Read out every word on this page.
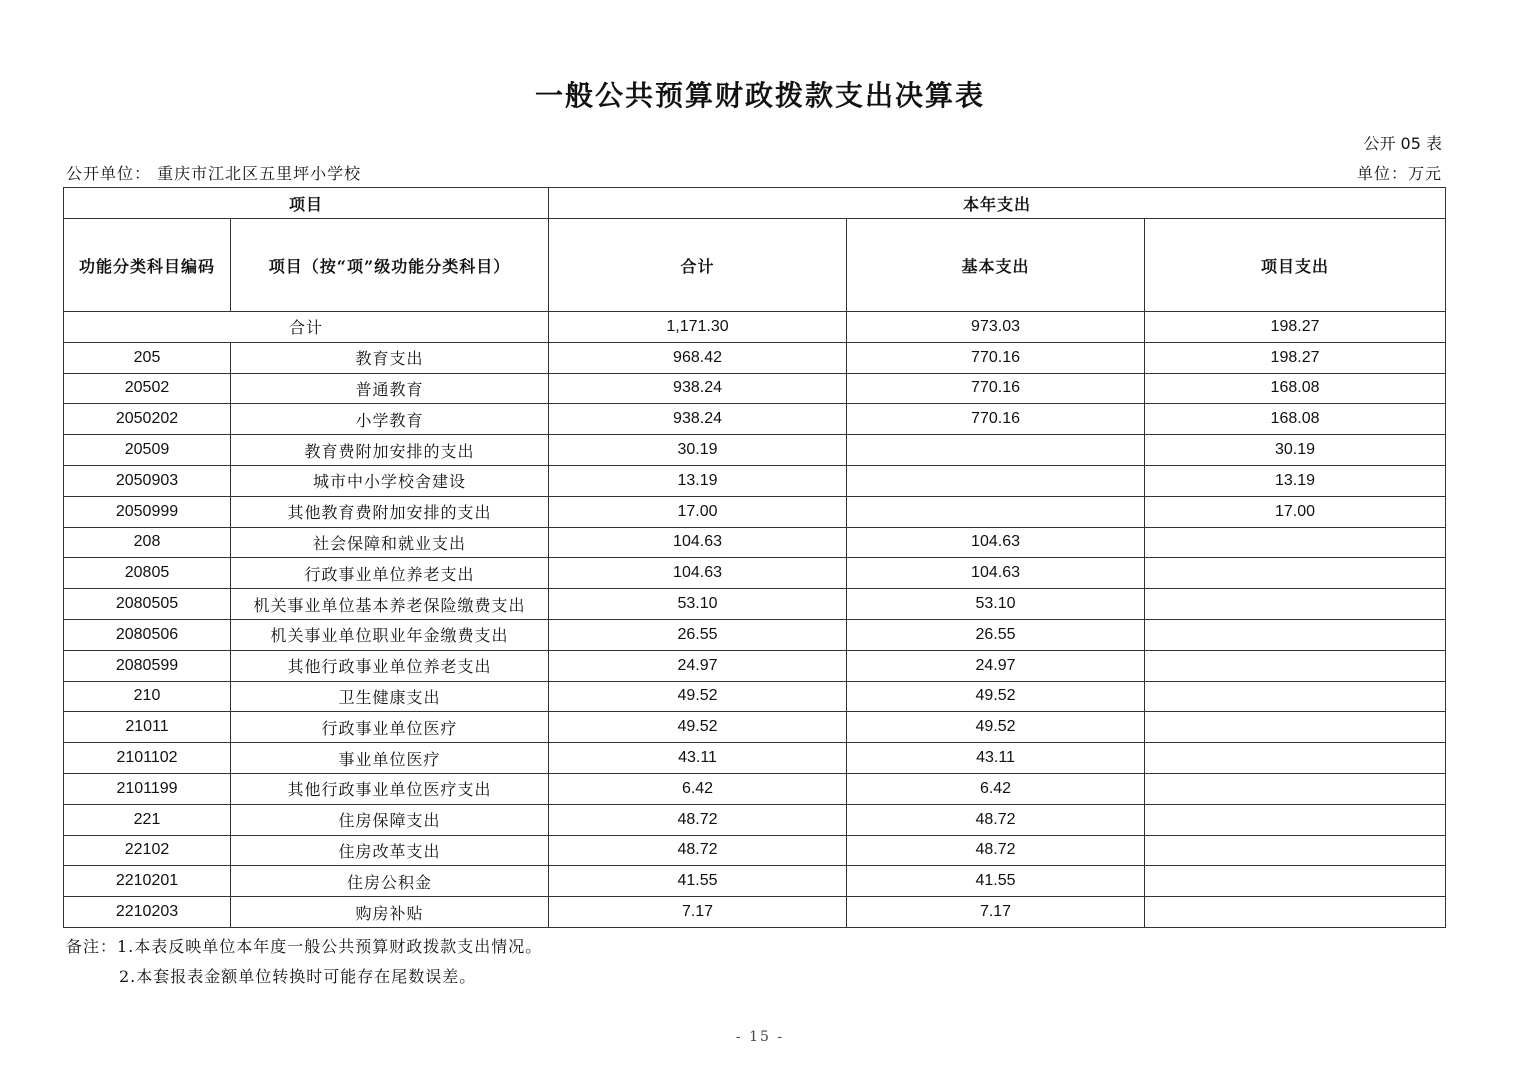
一般公共预算财政拨款支出决算表
公开 05 表
公开单位： 重庆市江北区五里坪小学校	单位：万元
项目		本年支出		
功能分类科目编码	项目（按“项”级功能分类科目）	合计	基本支出	项目支出
合计		1,171.30	973.03	198.27
205	教育支出	968.42	770.16	198.27
20502	普通教育	938.24	770.16	168.08
2050202	小学教育	938.24	770.16	168.08
20509	教育费附加安排的支出	30.19		30.19
2050903	城市中小学校舍建设	13.19		13.19
2050999	其他教育费附加安排的支出	17.00		17.00
208	社会保障和就业支出	104.63	104.63	
20805	行政事业单位养老支出	104.63	104.63	
2080505	机关事业单位基本养老保险缴费支出	53.10	53.10	
2080506	机关事业单位职业年金缴费支出	26.55	26.55	
2080599	其他行政事业单位养老支出	24.97	24.97	
210	卫生健康支出	49.52	49.52	
21011	行政事业单位医疗	49.52	49.52	
2101102	事业单位医疗	43.11	43.11	
2101199	其他行政事业单位医疗支出	6.42	6.42	
221	住房保障支出	48.72	48.72	
22102	住房改革支出	48.72	48.72	
2210201	住房公积金	41.55	41.55	
2210203	购房补贴	7.17	7.17	
备注：1.本表反映单位本年度一般公共预算财政拨款支出情况。
2.本套报表金额单位转换时可能存在尾数误差。
- 15 -
